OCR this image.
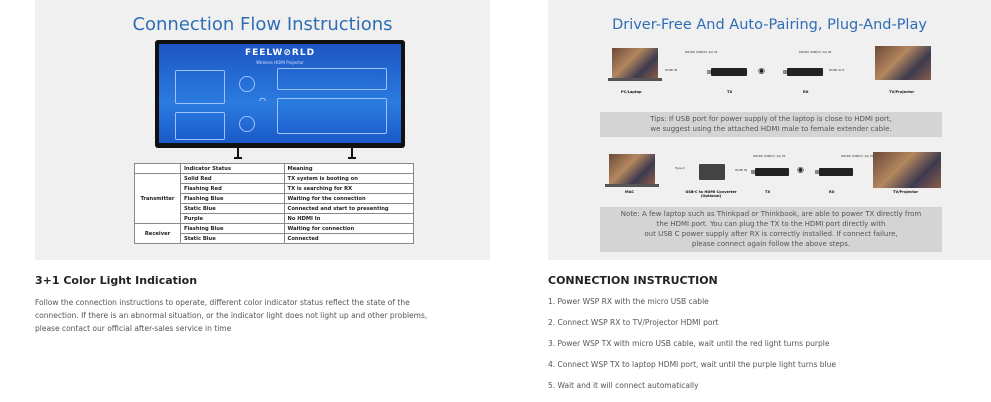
Connection Flow Instructions
FEELW⊘RLD
Wireless HDMI Projector
◠
	Indicator Status	Meaning
Transmitter	Solid Red	TX system is booting on
	Flashing Red	TX is searching for RX
	Flashing Blue	Waiting for the connection
	Static Blue	Connected and start to presenting
	Purple	No HDMI In
Receiver	Flashing Blue	Waiting for connection
	Static Blue	Connected
Driver-Free And Auto-Pairing, Plug-And-Play
HDMI IN
MICRO USB(5V 1A) IN
◉
MICRO USB(5V 1A) IN
HDMI OUT
PC/Laptop	TX	RX	TV/Projector
Tips: If USB port for power supply of the laptop is close to HDMI port,
we suggest using the attached HDMI male to female extender cable.
Type-C
MICRO USB(5V 1A) IN
HDMI IN	◉
MICRO USB(5V 1A) IN
MAC	USB-C to HDMI Converter (Optional)
TX	RX	TV/Projector
Note: A few laptop such as Thinkpad or Thinkbook, are able to power TX directly from
the HDMI port. You can plug the TX to the HDMI port directly with
out USB C power supply after RX is correctly installed. If connect failure,
please connect again follow the above steps.
3+1 Color Light Indication
Follow the connection instructions to operate, different color indicator status reflect the state of the
connection. If there is an abnormal situation, or the indicator light does not light up and other problems,
please contact our official after-sales service in time
CONNECTION INSTRUCTION
1. Power WSP RX with the micro USB cable
2. Connect WSP RX to TV/Projector HDMI port
3. Power WSP TX with micro USB cable, wait until the red light turns purple
4. Connect WSP TX to laptop HDMI port, wait until the purple light turns blue
5. Wait and it will connect automatically
